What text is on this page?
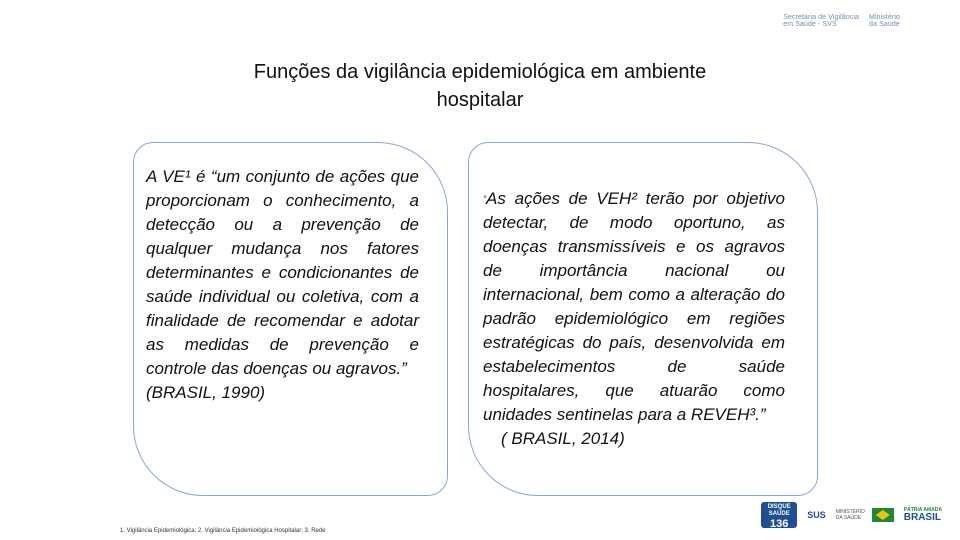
Secretaria de Vigilância
em Saúde - SVS
Ministério
da Saúde
Funções da vigilância epidemiológica em ambiente
hospitalar

A VE¹ é “um conjunto de ações que proporcionam o conhecimento, a detecção ou a prevenção de qualquer mudança nos fatores determinantes e condicionantes de saúde individual ou coletiva, com a finalidade de recomendar e adotar as medidas de prevenção e controle das doenças ou agravos.”

(BRASIL, 1990)

“As ações de VEH² terão por objetivo detectar, de modo oportuno, as doenças transmissíveis e os agravos de importância nacional ou internacional, bem como a alteração do padrão epidemiológico em regiões estratégicas do país, desenvolvida em estabelecimentos de saúde hospitalares, que atuarão como unidades sentinelas para a REVEH³.”

( BRASIL, 2014)

1. Vigilância Epidemiológica; 2. Vigilância Epidemiológica Hospitalar; 3. Rede
DISQUE SAÚDE
136
SUS MINISTÉRIO DA SAÚDE
PÁTRIA AMADA
BRASIL
